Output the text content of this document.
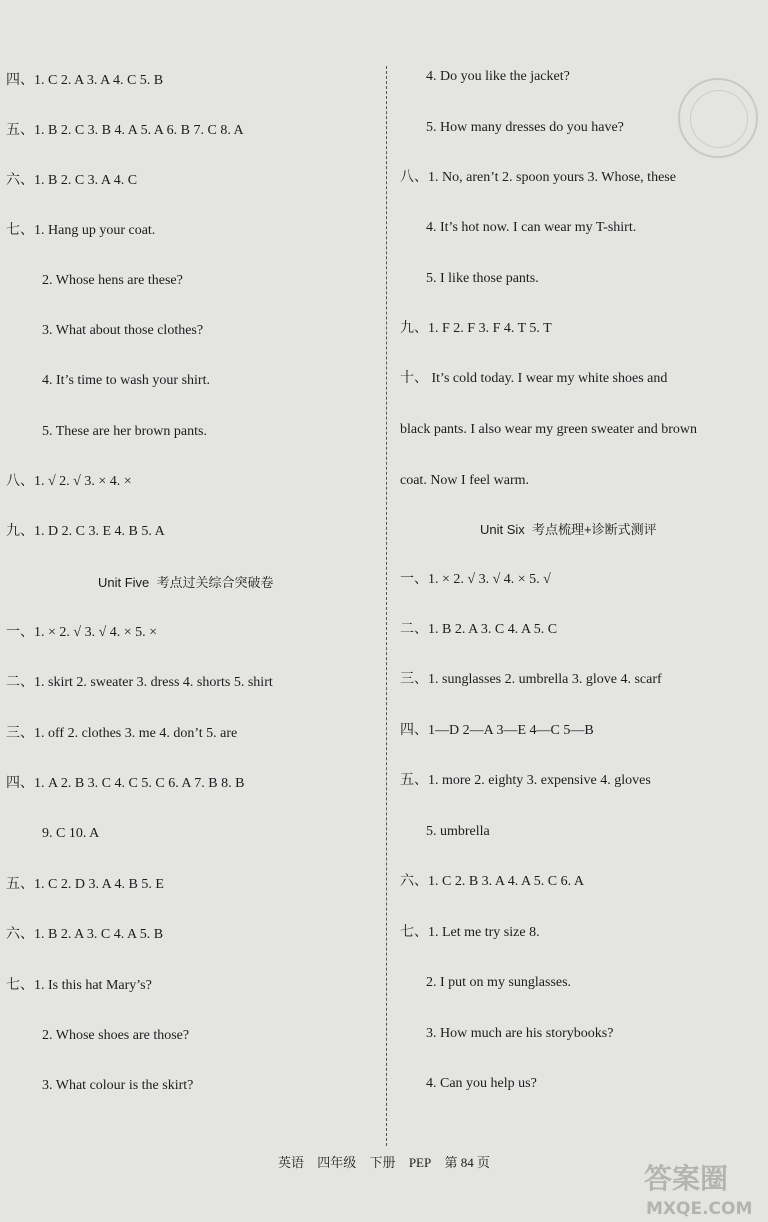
四、1. C 2. A 3. A 4. C 5. B
五、1. B 2. C 3. B 4. A 5. A 6. B 7. C 8. A
六、1. B 2. C 3. A 4. C
七、1. Hang up your coat.
2. Whose hens are these?
3. What about those clothes?
4. It’s time to wash your shirt.
5. These are her brown pants.
八、1. √ 2. √ 3. × 4. ×
九、1. D 2. C 3. E 4. B 5. A
一、1. × 2. √ 3. √ 4. × 5. ×
二、1. skirt 2. sweater 3. dress 4. shorts 5. shirt
三、1. off 2. clothes 3. me 4. don’t 5. are
四、1. A 2. B 3. C 4. C 5. C 6. A 7. B 8. B
9. C 10. A
五、1. C 2. D 3. A 4. B 5. E
六、1. B 2. A 3. C 4. A 5. B
七、1. Is this hat Mary’s?
2. Whose shoes are those?
3. What colour is the skirt?
Unit Five 考点过关综合突破卷
4. Do you like the jacket?
5. How many dresses do you have?
八、1. No, aren’t 2. spoon yours 3. Whose, these
4. It’s hot now. I can wear my T-shirt.
5. I like those pants.
九、1. F 2. F 3. F 4. T 5. T
一、1. × 2. √ 3. √ 4. × 5. √
二、1. B 2. A 3. C 4. A 5. C
三、1. sunglasses 2. umbrella 3. glove 4. scarf
四、1—D 2—A 3—E 4—C 5—B
五、1. more 2. eighty 3. expensive 4. gloves
5. umbrella
六、1. C 2. B 3. A 4. A 5. C 6. A
七、1. Let me try size 8.
2. I put on my sunglasses.
3. How much are his storybooks?
4. Can you help us?
十、 It’s cold today. I wear my white shoes and
black pants. I also wear my green sweater and brown
coat. Now I feel warm.
Unit Six 考点梳理+诊断式测评
英语 四年级 下册 PEP 第 84 页	答案圈
MXQE.COM
